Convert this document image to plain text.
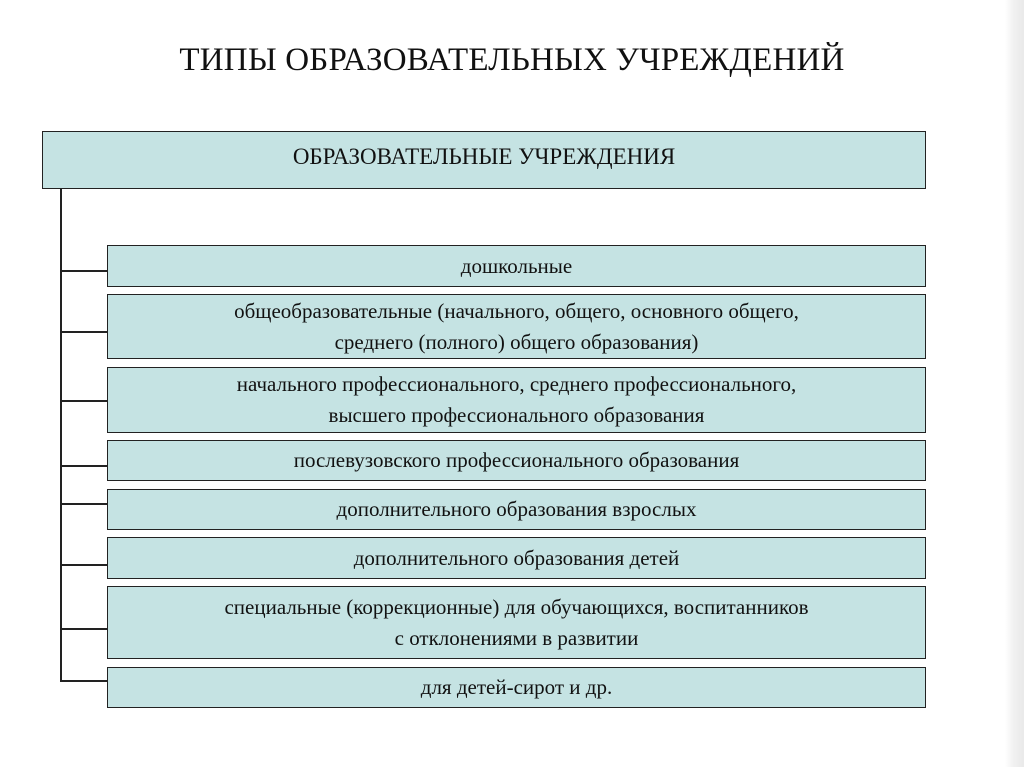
ТИПЫ ОБРАЗОВАТЕЛЬНЫХ УЧРЕЖДЕНИЙ
ОБРАЗОВАТЕЛЬНЫЕ УЧРЕЖДЕНИЯ
дошкольные
общеобразовательные (начального, общего, основного общего,
среднего (полного) общего образования)
начального профессионального, среднего профессионального,
высшего профессионального образования
послевузовского профессионального образования
дополнительного образования взрослых
дополнительного образования детей
специальные (коррекционные) для обучающихся, воспитанников
с отклонениями в развитии
для детей-сирот и др.
